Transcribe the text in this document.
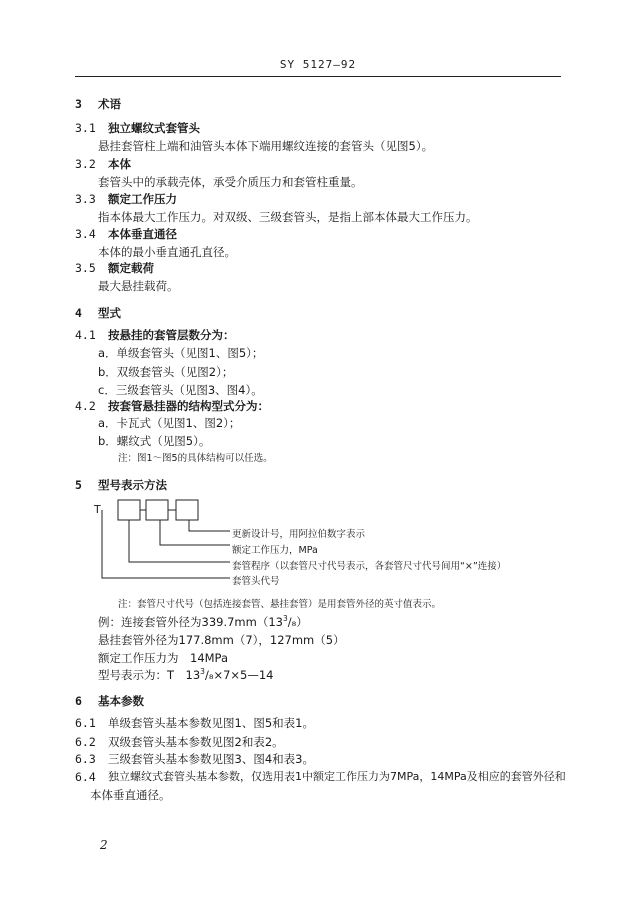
SY 5127—92
3 术语
3.1 独立螺纹式套管头
悬挂套管柱上端和油管头本体下端用螺纹连接的套管头（见图5）。
3.2 本体
套管头中的承载壳体，承受介质压力和套管柱重量。
3.3 额定工作压力
指本体最大工作压力。对双级、三级套管头，是指上部本体最大工作压力。
3.4 本体垂直通径
本体的最小垂直通孔直径。
3.5 额定载荷
最大悬挂载荷。
4 型式
4.1 按悬挂的套管层数分为：
a．单级套管头（见图1、图5）；
b．双级套管头（见图2）；
c．三级套管头（见图3、图4）。
4.2 按套管悬挂器的结构型式分为：
a．卡瓦式（见图1、图2）；
b．螺纹式（见图5）。
注：图1～图5的具体结构可以任选。
5 型号表示方法
T
更新设计号，用阿拉伯数字表示
额定工作压力，MPa
套管程序（以套管尺寸代号表示，各套管尺寸代号间用“×”连接）
套管头代号
注：套管尺寸代号（包括连接套管、悬挂套管）是用套管外径的英寸值表示。
例：连接套管外径为$339.7mm(13^3/_8)$
悬挂套管外径为177.8mm（7），127mm（5）
额定工作压力为　14MPa
型号表示为：T　$13^3/_8\times 7\times 5—14$
6 基本参数
6.1 单级套管头基本参数见图1、图5和表1。
6.2 双级套管头基本参数见图2和表2。
6.3 三级套管头基本参数见图3、图4和表3。
6.4 独立螺纹式套管头基本参数，仅选用表1中额定工作压力为7MPa，14MPa及相应的套管外径和
本体垂直通径。
2
